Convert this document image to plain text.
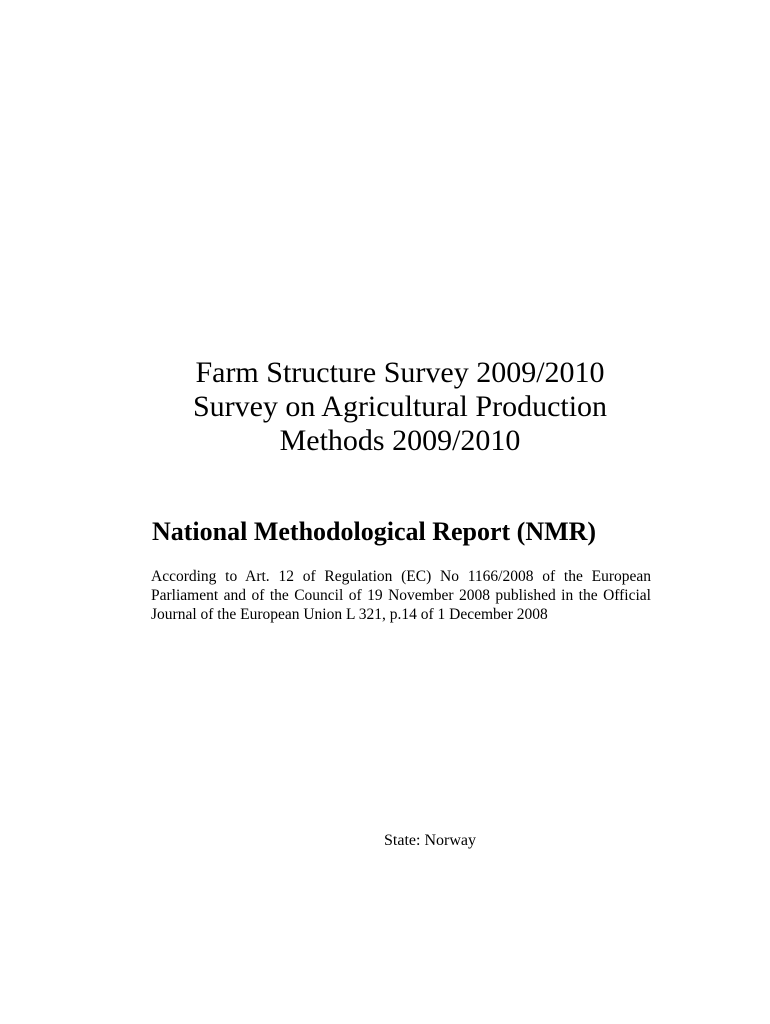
Farm Structure Survey 2009/2010
Survey on Agricultural Production
Methods 2009/2010
National Methodological Report (NMR)
According to Art. 12 of Regulation (EC) No 1166/2008 of the European Parliament and of the Council of 19 November 2008 published in the Official Journal of the European Union L 321, p.14 of 1 December 2008
State: Norway
